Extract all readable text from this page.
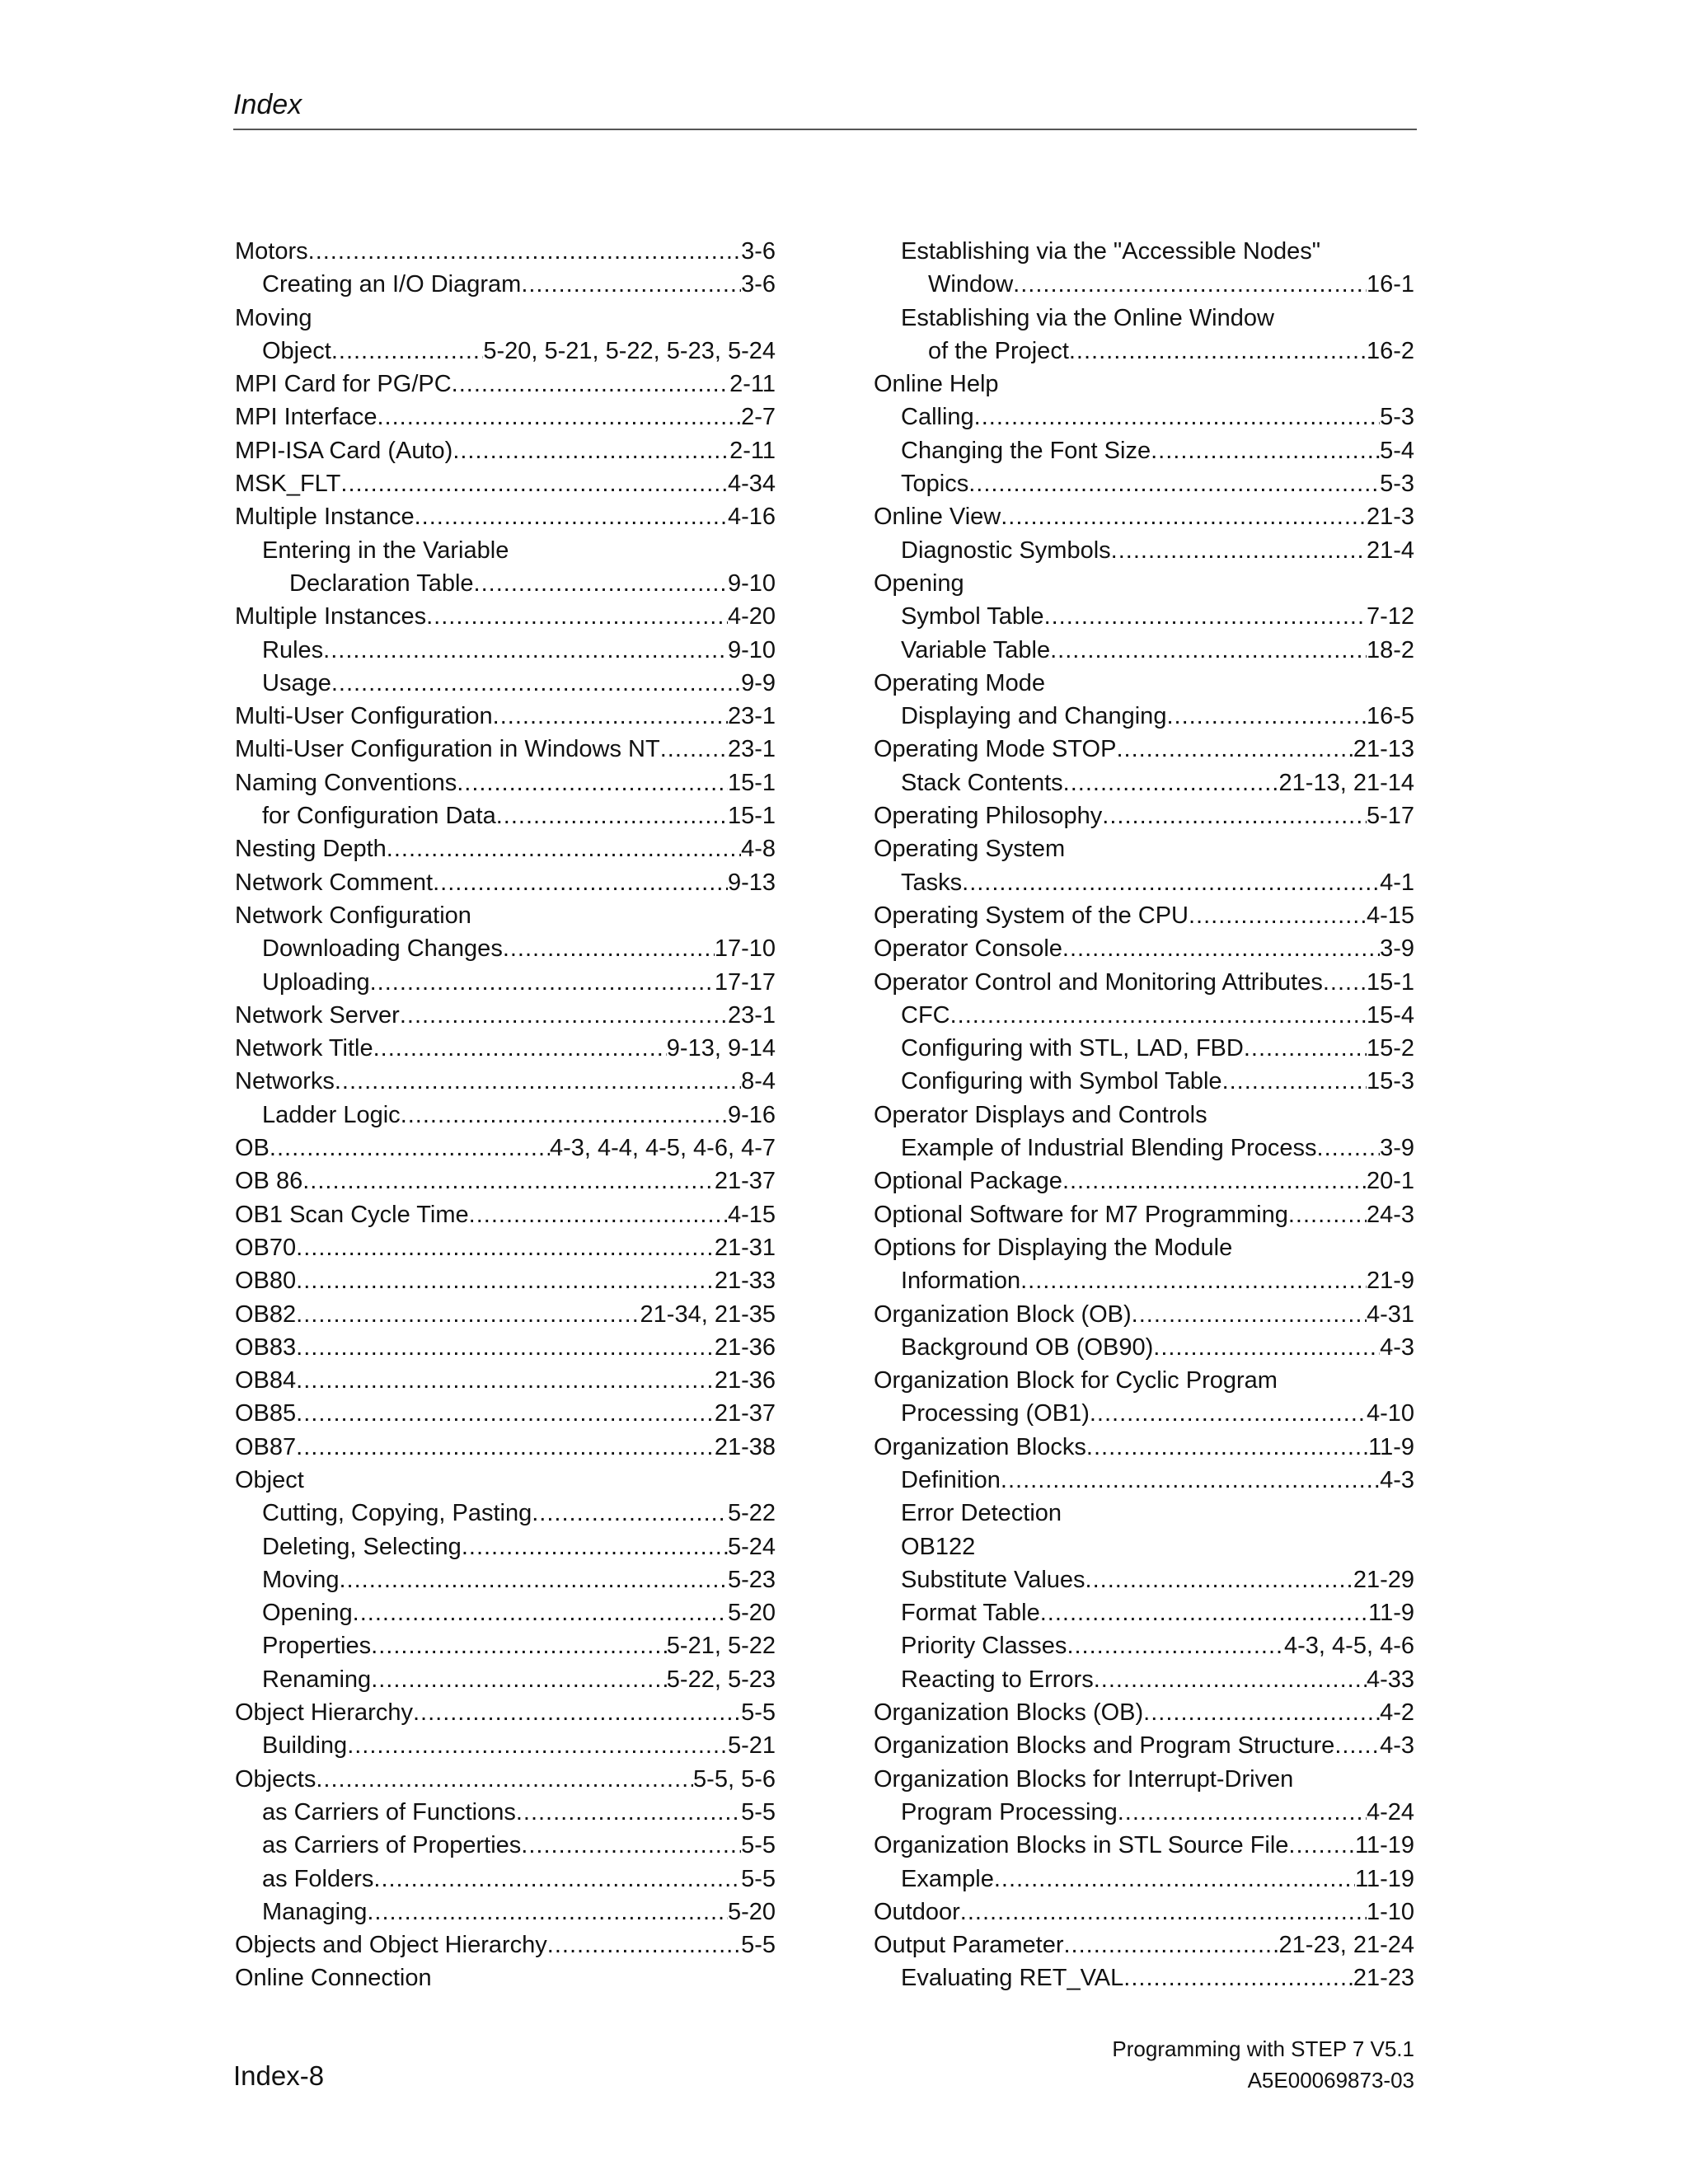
Index
Motors .....	3-6
Creating an I/O Diagram .....	3-6
Moving
Object .....	5-20, 5-21, 5-22, 5-23, 5-24
MPI Card for PG/PC .....	2-11
MPI Interface .....	2-7
MPI-ISA Card (Auto) .....	2-11
MSK_FLT .....	4-34
Multiple Instance .....	4-16
Entering in the Variable
Declaration Table .....	9-10
Multiple Instances .....	4-20
Rules .....	9-10
Usage .....	9-9
Multi-User Configuration .....	23-1
Multi-User Configuration in Windows NT .....	23-1
Naming Conventions .....	15-1
for Configuration Data .....	15-1
Nesting Depth .....	4-8
Network Comment .....	9-13
Network Configuration
Downloading Changes .....	17-10
Uploading .....	17-17
Network Server .....	23-1
Network Title .....	9-13, 9-14
Networks .....	8-4
Ladder Logic .....	9-16
OB .....	4-3, 4-4, 4-5, 4-6, 4-7
OB 86 .....	21-37
OB1 Scan Cycle Time .....	4-15
OB70 .....	21-31
OB80 .....	21-33
OB82 .....	21-34, 21-35
OB83 .....	21-36
OB84 .....	21-36
OB85 .....	21-37
OB87 .....	21-38
Object
Cutting, Copying, Pasting .....	5-22
Deleting, Selecting .....	5-24
Moving .....	5-23
Opening .....	5-20
Properties .....	5-21, 5-22
Renaming .....	5-22, 5-23
Object Hierarchy .....	5-5
Building .....	5-21
Objects .....	5-5, 5-6
as Carriers of Functions .....	5-5
as Carriers of Properties .....	5-5
as Folders .....	5-5
Managing .....	5-20
Objects and Object Hierarchy .....	5-5
Online Connection
Establishing via the "Accessible Nodes"
Window .....	16-1
Establishing via the Online Window
of the Project .....	16-2
Online Help
Calling .....	5-3
Changing the Font Size .....	5-4
Topics .....	5-3
Online View .....	21-3
Diagnostic Symbols .....	21-4
Opening
Symbol Table .....	7-12
Variable Table .....	18-2
Operating Mode
Displaying and Changing .....	16-5
Operating Mode STOP .....	21-13
Stack Contents .....	21-13, 21-14
Operating Philosophy .....	5-17
Operating System
Tasks .....	4-1
Operating System of the CPU .....	4-15
Operator Console .....	3-9
Operator Control and Monitoring Attributes ..... 15-1
CFC .....	15-4
Configuring with STL, LAD, FBD .....	15-2
Configuring with Symbol Table .....	15-3
Operator Displays and Controls
Example of Industrial Blending Process .....	3-9
Optional Package .....	20-1
Optional Software for M7 Programming .....	24-3
Options for Displaying the Module
Information .....	21-9
Organization Block (OB) .....	4-31
Background OB (OB90) .....	4-3
Organization Block for Cyclic Program
Processing (OB1) .....	4-10
Organization Blocks .....	11-9
Definition .....	4-3
Error Detection
OB122
Substitute Values .....	21-29
Format Table .....	11-9
Priority Classes .....	4-3, 4-5, 4-6
Reacting to Errors .....	4-33
Organization Blocks (OB) .....	4-2
Organization Blocks and Program Structure ..... 4-3
Organization Blocks for Interrupt-Driven
Program Processing .....	4-24
Organization Blocks in STL Source File .....	11-19
Example .....	11-19
Outdoor .....	1-10
Output Parameter .....	21-23, 21-24
Evaluating RET_VAL .....	21-23
Index-8
Programming with STEP 7 V5.1
A5E00069873-03
